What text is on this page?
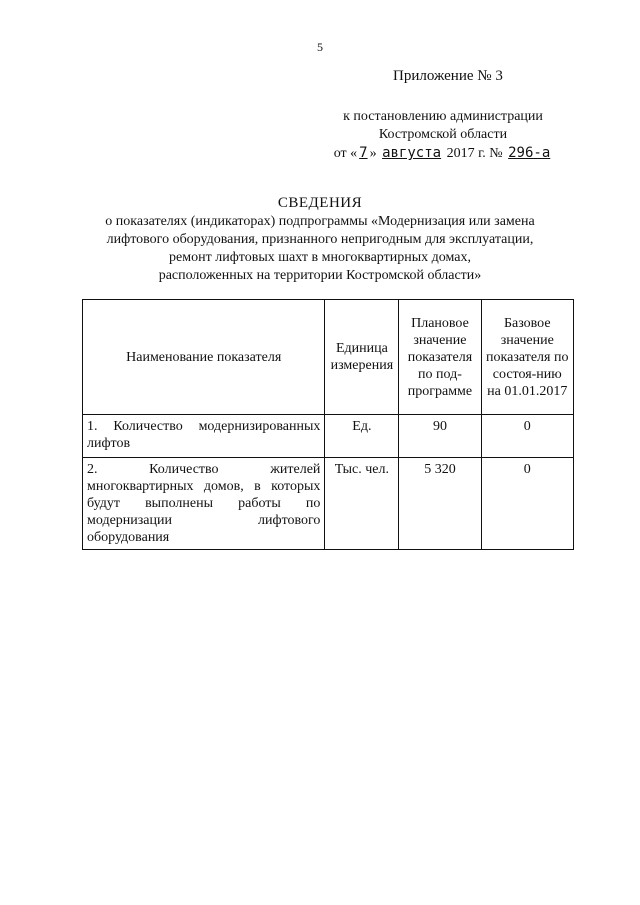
5
Приложение № 3
к постановлению администрации
Костромской области
от « 7 » августа 2017 г. № 296-а
СВЕДЕНИЯ
о показателях (индикаторах) подпрограммы «Модернизация или замена
лифтового оборудования, признанного непригодным для эксплуатации,
ремонт лифтовых шахт в многоквартирных домах,
расположенных на территории Костромской области»
Наименование показателя	Единица измерения	Плановое значение показателя по под-программе	Базовое значение показателя по состоя-нию на 01.01.2017
1. Количество модернизированных лифтов	Ед.	90	0
2. Количество жителей многоквартирных домов, в которых будут выполнены работы по модернизации лифтового оборудования	Тыс. чел.	5 320	0
